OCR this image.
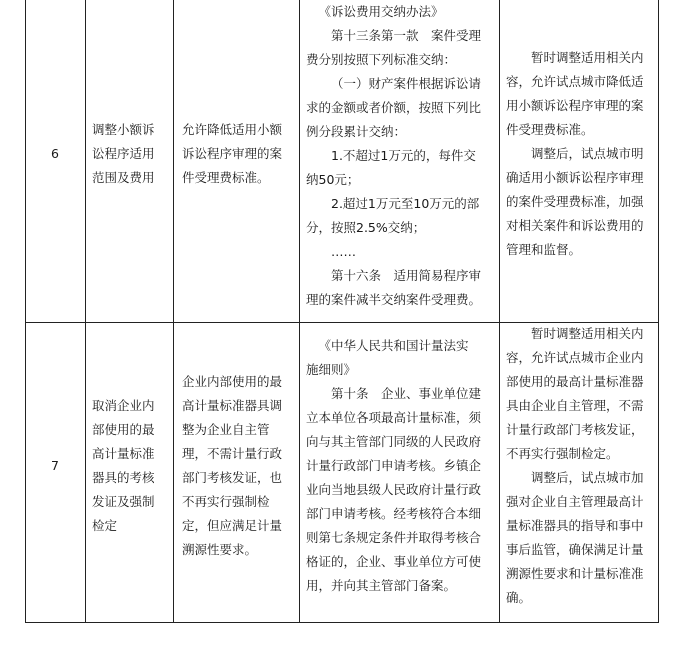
6
调整小额诉
讼程序适用
范围及费用
允许降低适用小额
诉讼程序审理的案
件受理费标准。
《诉讼费用交纳办法》
第十三条第一款　案件受理
费分别按照下列标准交纳：
（一）财产案件根据诉讼请
求的金额或者价额，按照下列比
例分段累计交纳：
1.不超过1万元的，每件交
纳50元；
2.超过1万元至10万元的部
分，按照2.5%交纳；
……
第十六条　适用简易程序审
理的案件减半交纳案件受理费。
暂时调整适用相关内
容，允许试点城市降低适
用小额诉讼程序审理的案
件受理费标准。
调整后，试点城市明
确适用小额诉讼程序审理
的案件受理费标准，加强
对相关案件和诉讼费用的
管理和监督。
7
取消企业内
部使用的最
高计量标准
器具的考核
发证及强制
检定
企业内部使用的最
高计量标准器具调
整为企业自主管
理，不需计量行政
部门考核发证，也
不再实行强制检
定，但应满足计量
溯源性要求。
《中华人民共和国计量法实
施细则》
第十条　企业、事业单位建
立本单位各项最高计量标准，须
向与其主管部门同级的人民政府
计量行政部门申请考核。乡镇企
业向当地县级人民政府计量行政
部门申请考核。经考核符合本细
则第七条规定条件并取得考核合
格证的，企业、事业单位方可使
用，并向其主管部门备案。
暂时调整适用相关内
容，允许试点城市企业内
部使用的最高计量标准器
具由企业自主管理，不需
计量行政部门考核发证，
不再实行强制检定。
调整后，试点城市加
强对企业自主管理最高计
量标准器具的指导和事中
事后监管，确保满足计量
溯源性要求和计量标准准
确。
